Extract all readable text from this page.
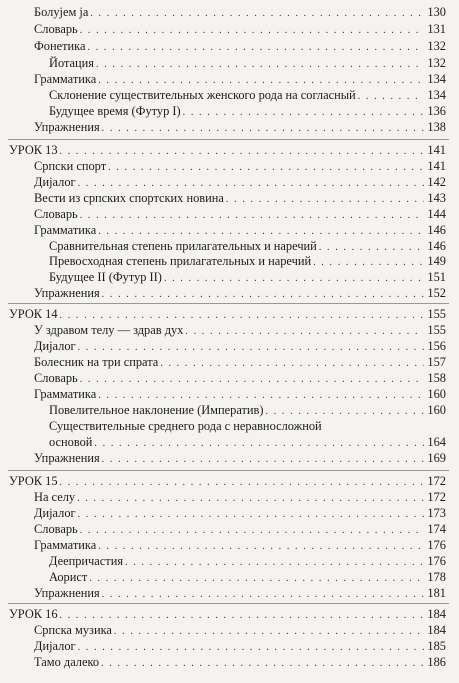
Болујем ја . . .	130
Словарь . . .	131
Фонетика . . .	132
Йотация . . .	132
Грамматика . . .	134
Склонение существительных женского рода на согласный . . .	134
Будущее время (Футур I) . . .	136
Упражнения . . .	138
УРОК 13 . . .	141
Српски спорт . . .	141
Дијалог . . .	142
Вести из српских спортских новина . . .	143
Словарь . . .	144
Грамматика . . .	146
Сравнительная степень прилагательных и наречий . . .	146
Превосходная степень прилагательных и наречий . . .	149
Будущее II (Футур II) . . .	151
Упражнения . . .	152
УРОК 14 . . .	155
У здравом телу — здрав дух . . .	155
Дијалог . . .	156
Болесник на три спрата . . .	157
Словарь . . .	158
Грамматика . . .	160
Повелительное наклонение (Императив) . . .	160
Существительные среднего рода с неравносложной
основой . . .	164
Упражнения . . .	169
УРОК 15 . . .	172
На селу . . .	172
Дијалог . . .	173
Словарь . . .	174
Грамматика . . .	176
Деепричастия . . .	176
Аорист . . .	178
Упражнения . . .	181
УРОК 16 . . .	184
Српска музика . . .	184
Дијалог . . .	185
Тамо далеко . . .	186
